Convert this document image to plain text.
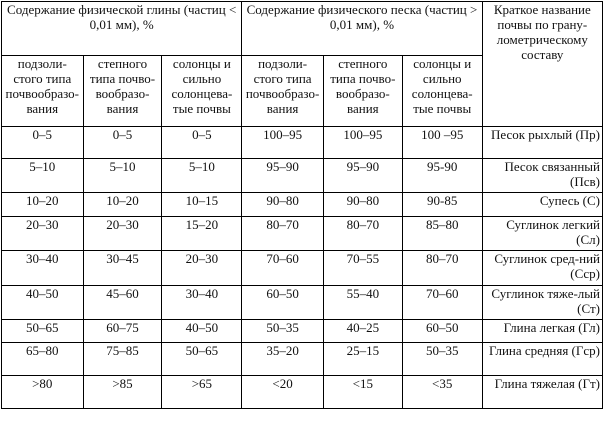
Содержание физической глины (частиц < 0,01 мм), %			Содержание физического песка (частиц > 0,01 мм), %			Краткое название почвы по грану-лометрическому составу
подзоли-стого типа почвообразо-вания	степного типа почво-вообразо-вания	солонцы и сильно солонцева-тые почвы	подзоли-стого типа почвообразо-вания	степного типа почво-вообразо-вания	солонцы и сильно солонцева-тые почвы	
0–5	0–5	0–5	100–95	100–95	100 –95	Песок рыхлый (Пр)
5–10	5–10	5–10	95–90	95–90	95-90	Песок связанный (Псв)
10–20	10–20	10–15	90–80	90–80	90-85	Супесь (С)
20–30	20–30	15–20	80–70	80–70	85–80	Суглинок легкий (Сл)
30–40	30–45	20–30	70–60	70–55	80–70	Суглинок сред-ний (Сср)
40–50	45–60	30–40	60–50	55–40	70–60	Суглинок тяже-лый (Ст)
50–65	60–75	40–50	50–35	40–25	60–50	Глина легкая (Гл)
65–80	75–85	50–65	35–20	25–15	50–35	Глина средняя (Гср)
>80	>85	>65	<20	<15	<35	Глина тяжелая (Гт)
